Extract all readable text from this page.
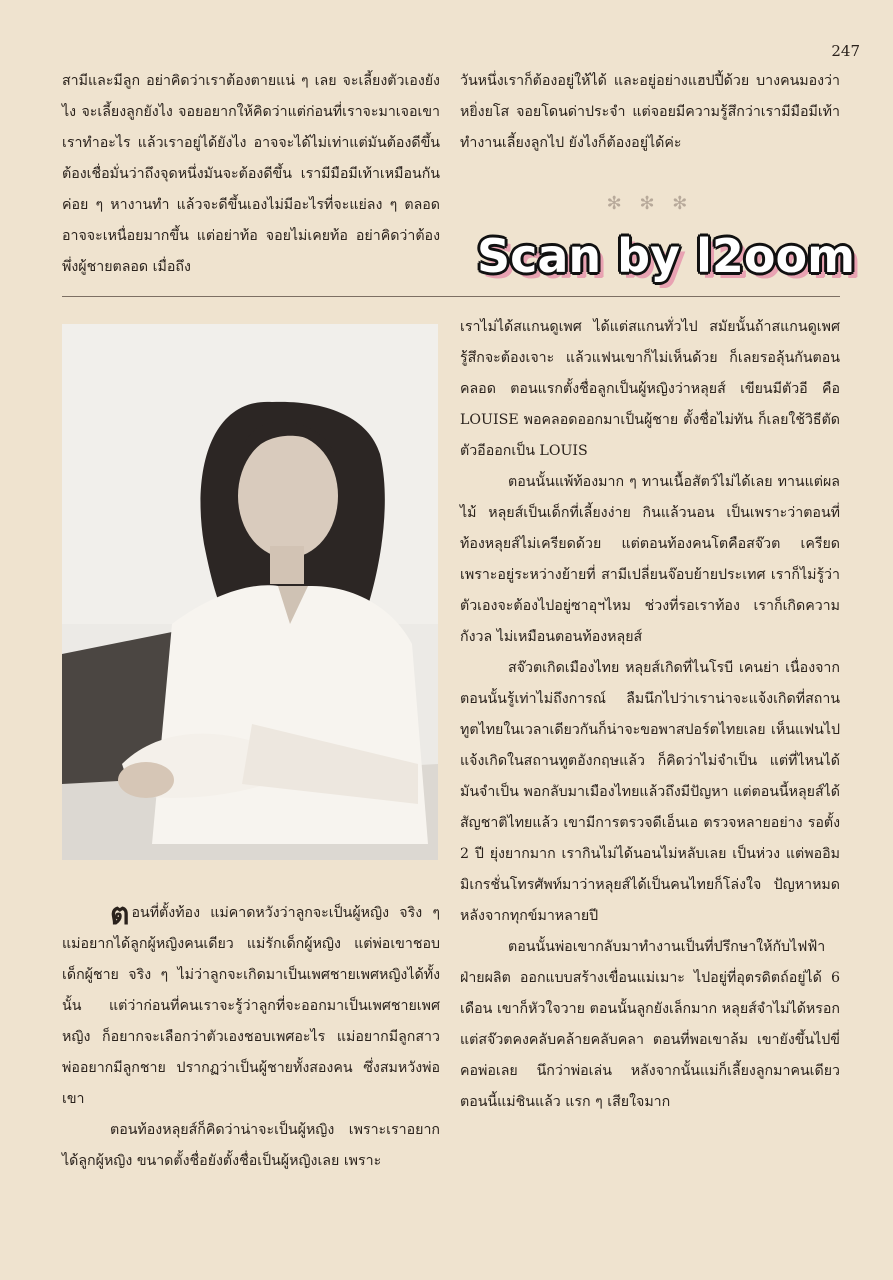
247

สามีและมีลูก อย่าคิดว่าเราต้องตายแน่ ๆ เลย จะเลี้ยงตัวเองยังไง จะเลี้ยงลูกยังไง จอยอยากให้คิดว่าแต่ก่อนที่เราจะมาเจอเขา เราทำอะไร แล้วเราอยู่ได้ยังไง อาจจะได้ไม่เท่าแต่มันต้องดีขึ้น ต้องเชื่อมั่นว่าถึงจุดหนึ่งมันจะต้องดีขึ้น เรามีมือมีเท้าเหมือนกัน ค่อย ๆ หางานทำ แล้วจะดีขึ้นเองไม่มีอะไรที่จะแย่ลง ๆ ตลอด อาจจะเหนื่อยมากขึ้น แต่อย่าท้อ จอยไม่เคยท้อ อย่าคิดว่าต้องพึ่งผู้ชายตลอด เมื่อถึง

วันหนึ่งเราก็ต้องอยู่ให้ได้ และอยู่อย่างแฮปปี้ด้วย บางคนมองว่าหยิ่งยโส จอยโดนด่าประจำ แต่จอยมีความรู้สึกว่าเรามีมือมีเท้า ทำงานเลี้ยงลูกไป ยังไงก็ต้องอยู่ได้ค่ะ

✻ ✻ ✻
Scan by l2oom

เราไม่ได้สแกนดูเพศ ได้แต่สแกนทั่วไป สมัยนั้นถ้าสแกนดูเพศรู้สึกจะต้องเจาะ แล้วแฟนเขาก็ไม่เห็นด้วย ก็เลยรอลุ้นกันตอนคลอด ตอนแรกตั้งชื่อลูกเป็นผู้หญิงว่าหลุยส์ เขียนมีตัวอี คือ LOUISE พอคลอดออกมาเป็นผู้ชาย ตั้งชื่อไม่ทัน ก็เลยใช้วิธีตัดตัวอีออกเป็น LOUIS

ตอนนั้นแพ้ท้องมาก ๆ ทานเนื้อสัตว์ไม่ได้เลย ทานแต่ผลไม้ หลุยส์เป็นเด็กที่เลี้ยงง่าย กินแล้วนอน เป็นเพราะว่าตอนที่ท้องหลุยส์ไม่เครียดด้วย แต่ตอนท้องคนโตคือสจ๊วต เครียดเพราะอยู่ระหว่างย้ายที่ สามีเปลี่ยนจ๊อบย้ายประเทศ เราก็ไม่รู้ว่าตัวเองจะต้องไปอยู่ซาอุฯไหม ช่วงที่รอเราท้อง เราก็เกิดความกังวล ไม่เหมือนตอนท้องหลุยส์

สจ๊วตเกิดเมืองไทย หลุยส์เกิดที่ไนโรบี เคนย่า เนื่องจากตอนนั้นรู้เท่าไม่ถึงการณ์ ลืมนึกไปว่าเราน่าจะแจ้งเกิดที่สถานทูตไทยในเวลาเดียวกันก็น่าจะขอพาสปอร์ตไทยเลย เห็นแฟนไปแจ้งเกิดในสถานทูตอังกฤษแล้ว ก็คิดว่าไม่จำเป็น แต่ที่ไหนได้ มันจำเป็น พอกลับมาเมืองไทยแล้วถึงมีปัญหา แต่ตอนนี้หลุยส์ได้สัญชาติไทยแล้ว เขามีการตรวจดีเอ็นเอ ตรวจหลายอย่าง รอตั้ง 2 ปี ยุ่งยากมาก เรากินไม่ได้นอนไม่หลับเลย เป็นห่วง แต่พออิมมิเกรชั่นโทรศัพท์มาว่าหลุยส์ได้เป็นคนไทยก็โล่งใจ ปัญหาหมดหลังจากทุกข์มาหลายปี

ตอนนั้นพ่อเขากลับมาทำงานเป็นที่ปรึกษาให้กับไฟฟ้าฝ่ายผลิต ออกแบบสร้างเขื่อนแม่เมาะ ไปอยู่ที่อุตรดิตถ์อยู่ได้ 6 เดือน เขาก็หัวใจวาย ตอนนั้นลูกยังเล็กมาก หลุยส์จำไม่ได้หรอก แต่สจ๊วตคงคลับคล้ายคลับคลา ตอนที่พอเขาล้ม เขายังขึ้นไปขี่คอพ่อเลย นึกว่าพ่อเล่น หลังจากนั้นแม่ก็เลี้ยงลูกมาคนเดียว ตอนนี้แม่ชินแล้ว แรก ๆ เสียใจมาก

ตอนที่ตั้งท้อง แม่คาดหวังว่าลูกจะเป็นผู้หญิง จริง ๆ แม่อยากได้ลูกผู้หญิงคนเดียว แม่รักเด็กผู้หญิง แต่พ่อเขาชอบเด็กผู้ชาย จริง ๆ ไม่ว่าลูกจะเกิดมาเป็นเพศชายเพศหญิงได้ทั้งนั้น แต่ว่าก่อนที่คนเราจะรู้ว่าลูกที่จะออกมาเป็นเพศชายเพศหญิง ก็อยากจะเลือกว่าตัวเองชอบเพศอะไร แม่อยากมีลูกสาว พ่ออยากมีลูกชาย ปรากฏว่าเป็นผู้ชายทั้งสองคน ซึ่งสมหวังพ่อเขา

ตอนท้องหลุยส์ก็คิดว่าน่าจะเป็นผู้หญิง เพราะเราอยากได้ลูกผู้หญิง ขนาดตั้งชื่อยังตั้งชื่อเป็นผู้หญิงเลย เพราะ
